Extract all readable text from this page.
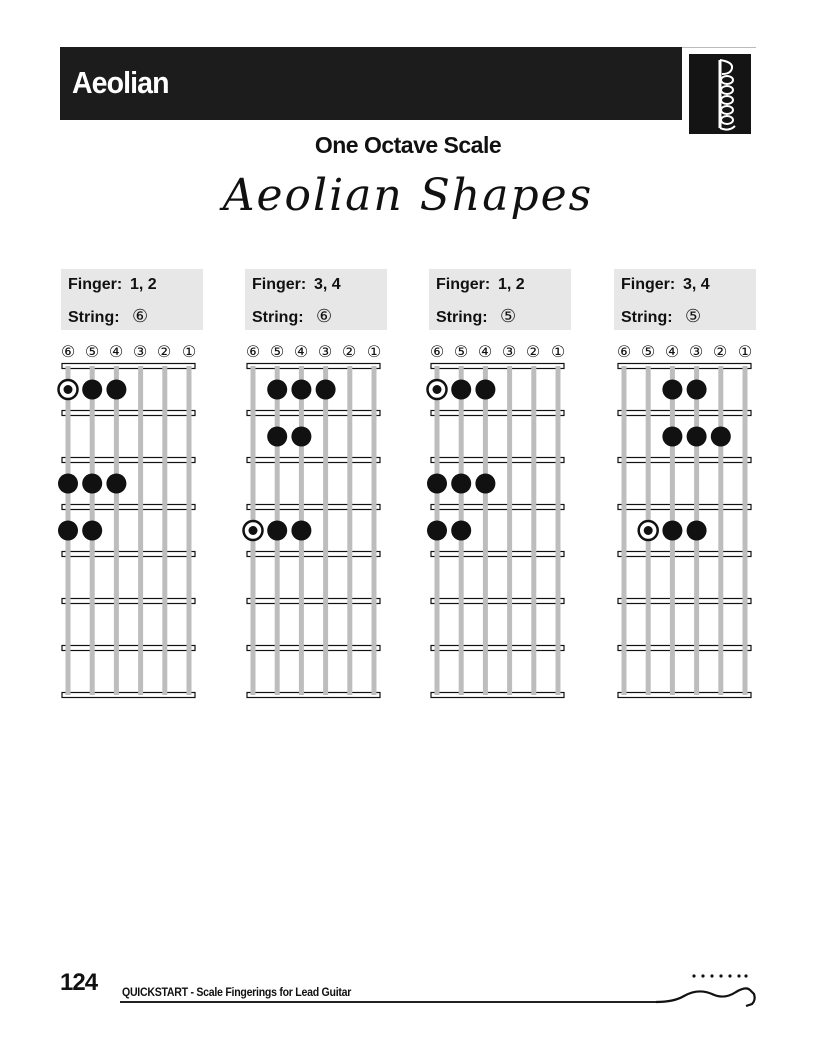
Aeolian
One Octave Scale
Aeolian Shapes
Finger: 1, 2
String: ⑥
Finger: 3, 4
String: ⑥
Finger: 1, 2
String: ⑤
Finger: 3, 4
String: ⑤
⑥ ⑤ ④ ③ ② ①	⑥ ⑤ ④ ③ ② ①	⑥ ⑤ ④ ③ ② ①	⑥ ⑤ ④ ③ ② ①
124 QUICKSTART - Scale Fingerings for Lead Guitar
